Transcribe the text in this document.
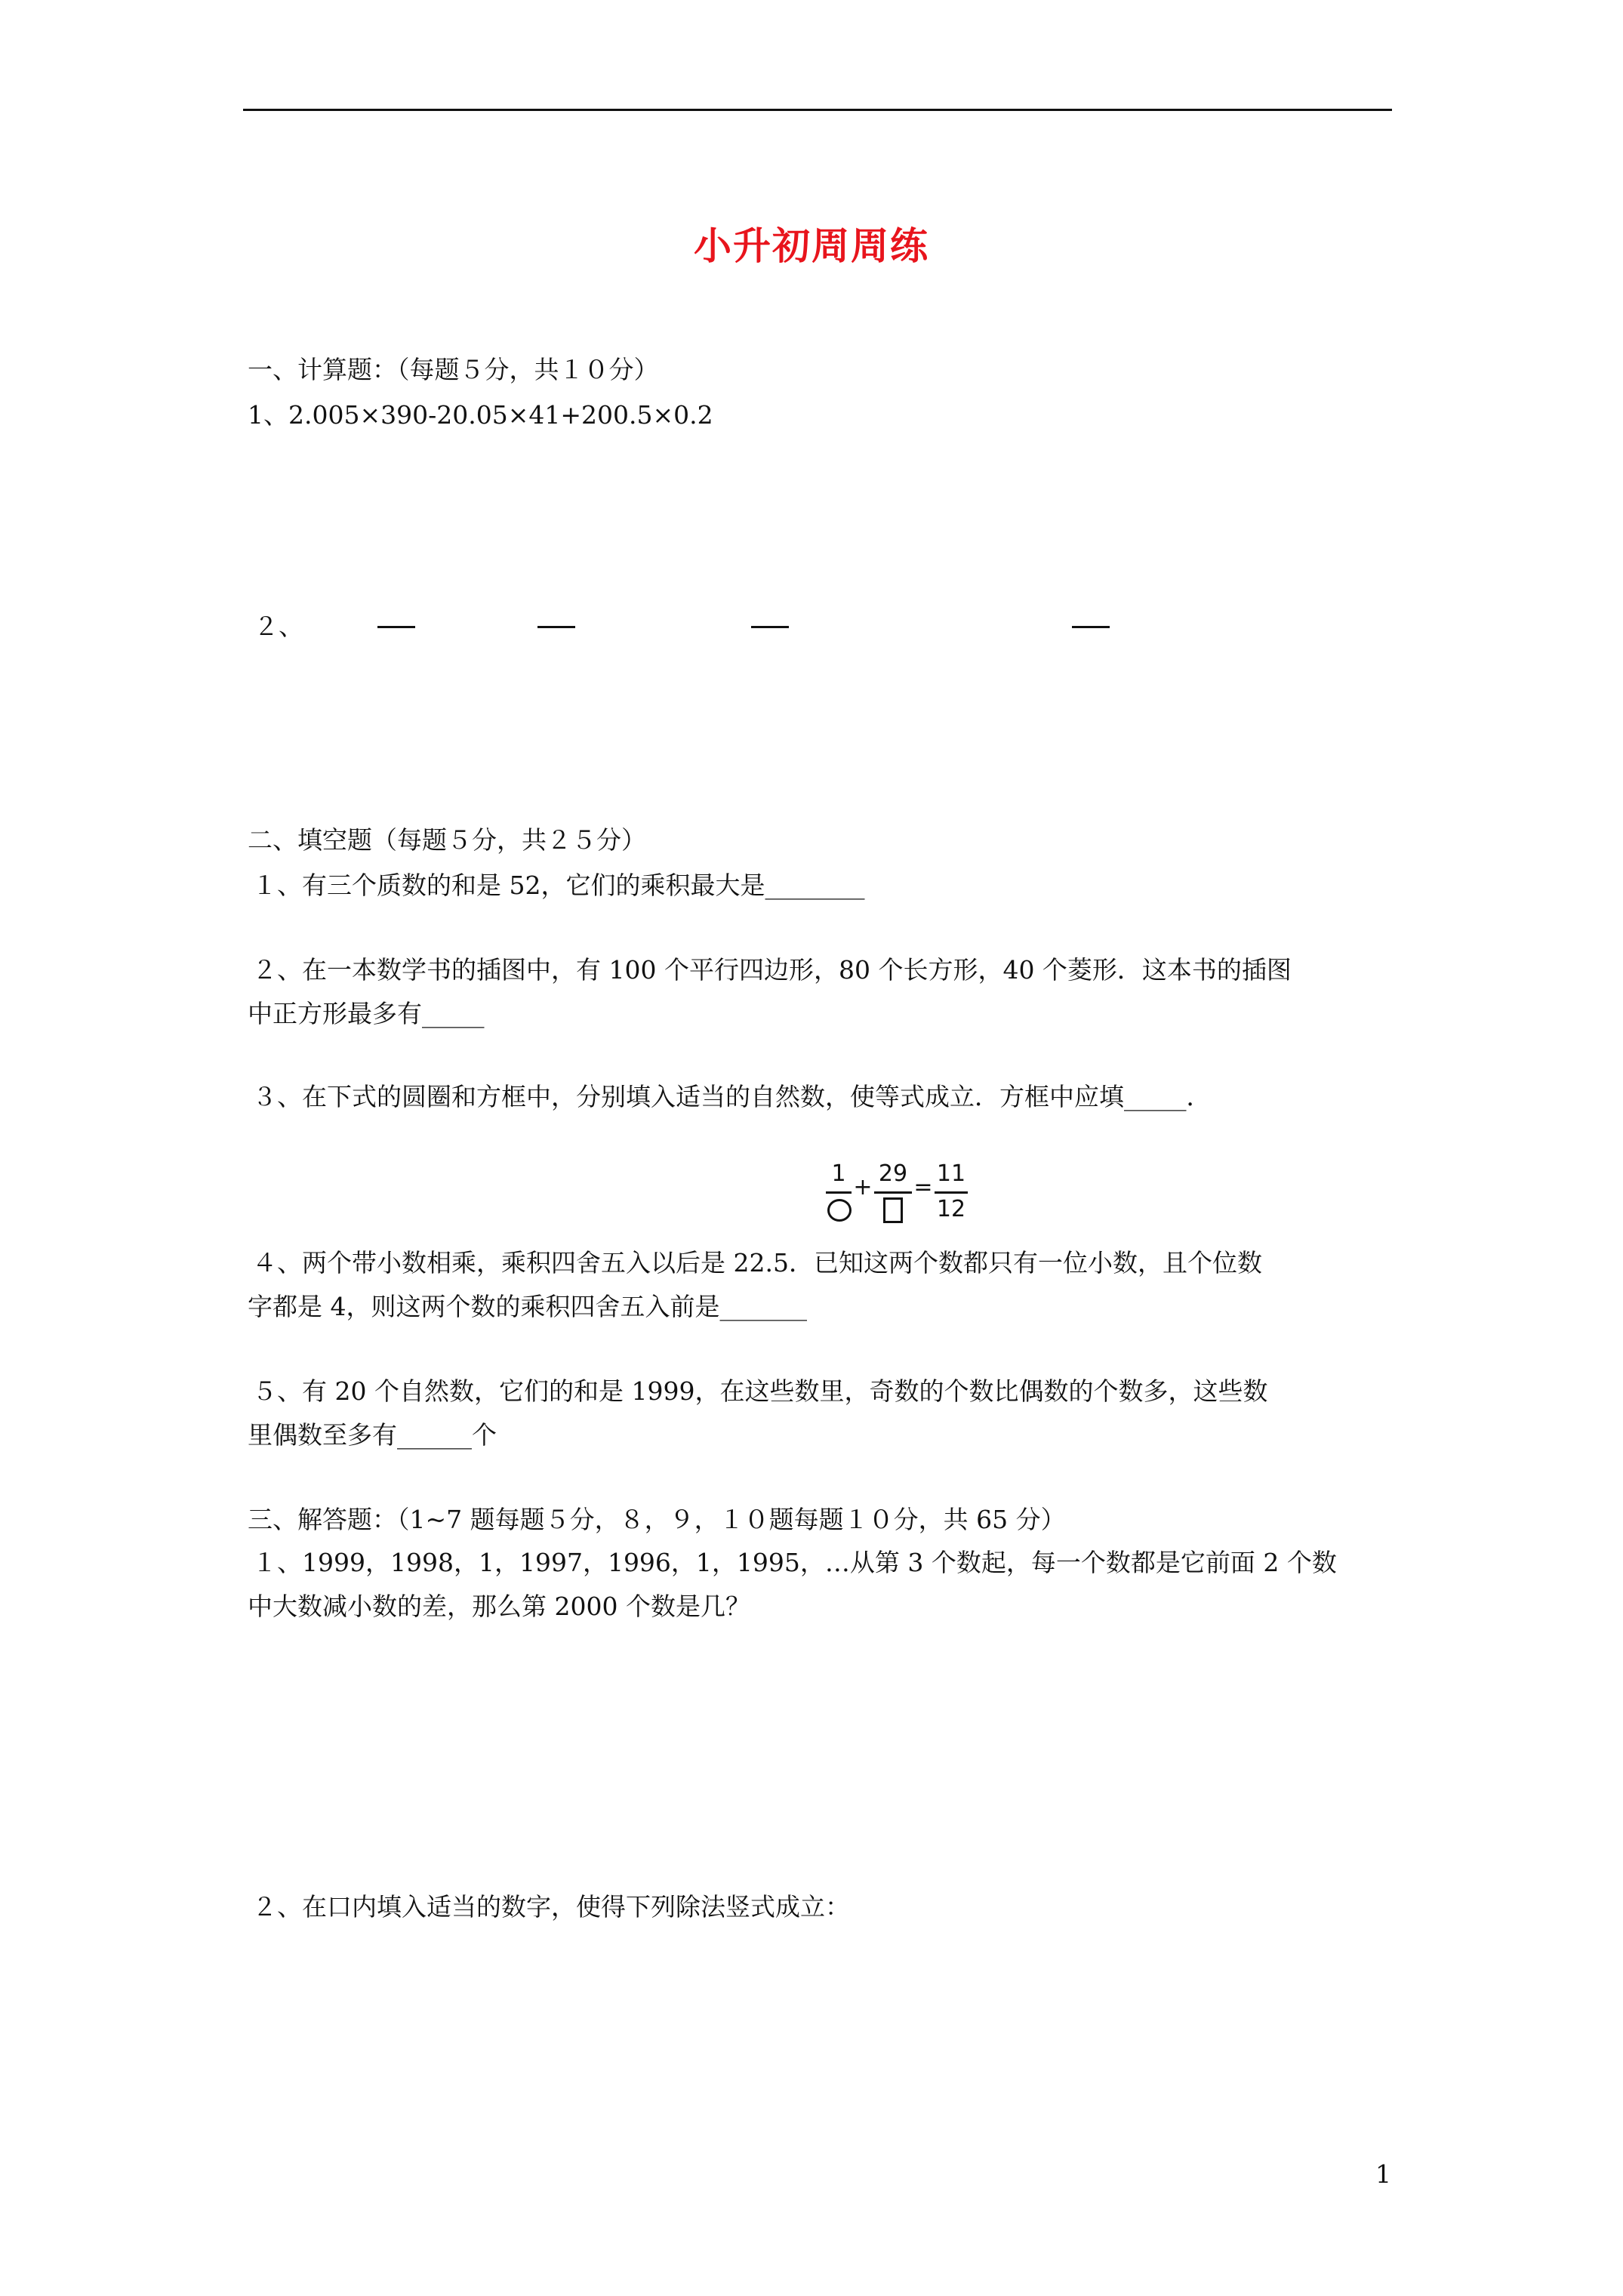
小升初周周练
一、计算题：（每题５分，共１０分）
1、2.005×390-20.05×41+200.5×0.2
２、
二、填空题（每题５分，共２５分）
１、有三个质数的和是 52，它们的乘积最大是________
２、在一本数学书的插图中，有 100 个平行四边形，80 个长方形，40 个菱形．这本书的插图
中正方形最多有_____
３、在下式的圆圈和方框中，分别填入适当的自然数，使等式成立．方框中应填_____．
1
+
29
=
11
12
４、两个带小数相乘，乘积四舍五入以后是 22.5．已知这两个数都只有一位小数，且个位数
字都是 4，则这两个数的乘积四舍五入前是_______
５、有 20 个自然数，它们的和是 1999，在这些数里，奇数的个数比偶数的个数多，这些数
里偶数至多有______个
三、解答题：（1~7 题每题５分，８，９，１０题每题１０分，共 65 分）
１、1999，1998，1，1997，1996，1，1995，…从第 3 个数起，每一个数都是它前面 2 个数
中大数减小数的差，那么第 2000 个数是几？
２、在口内填入适当的数字，使得下列除法竖式成立：
1
